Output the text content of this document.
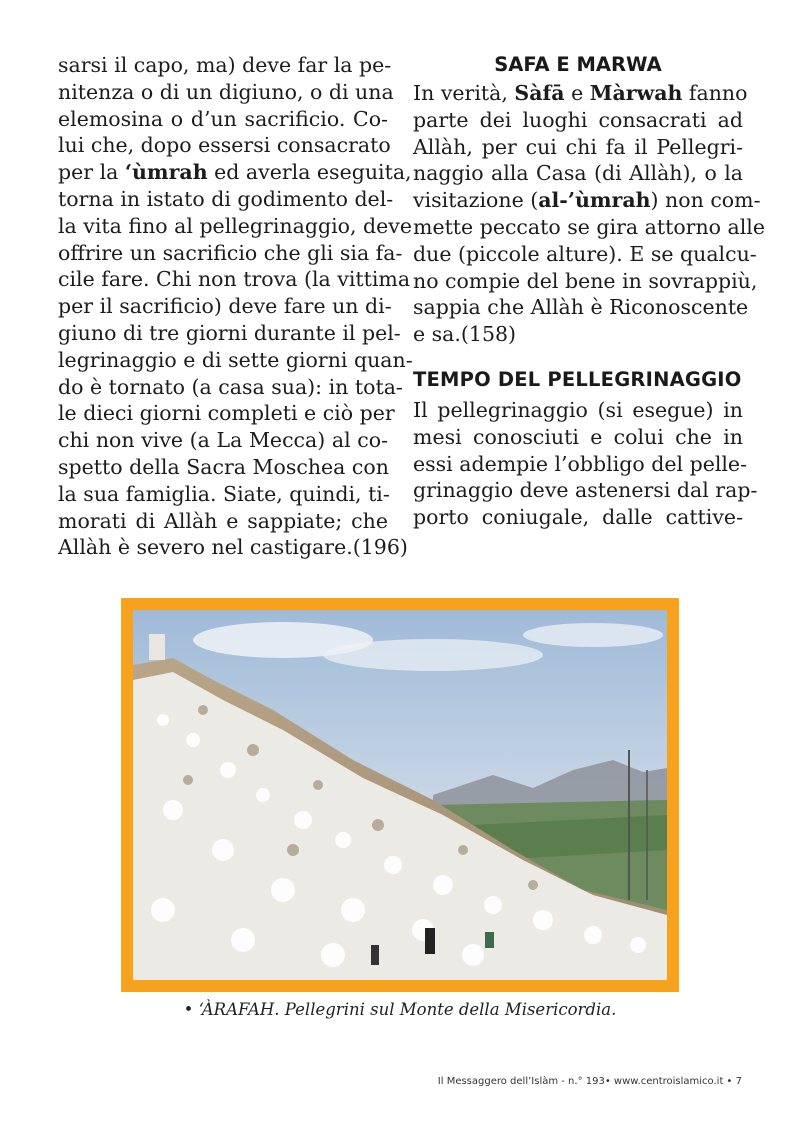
sarsi il capo, ma) deve far la pe-
nitenza o di un digiuno, o di una
elemosina o d’un sacrificio. Co-
lui che, dopo essersi consacrato
per la ‘ùmrah ed averla eseguita,
torna in istato di godimento del-
la vita fino al pellegrinaggio, deve
offrire un sacrificio che gli sia fa-
cile fare. Chi non trova (la vittima
per il sacrificio) deve fare un di-
giuno di tre giorni durante il pel-
legrinaggio e di sette giorni quan-
do è tornato (a casa sua): in tota-
le dieci giorni completi e ciò per
chi non vive (a La Mecca) al co-
spetto della Sacra Moschea con
la sua famiglia. Siate, quindi, ti-
morati di Allàh e sappiate; che
Allàh è severo nel castigare.(196)
SAFA E MARWA
In verità, Sàfā e Màrwah fanno
parte dei luoghi consacrati ad
Allàh, per cui chi fa il Pellegri-
naggio alla Casa (di Allàh), o la
visitazione (al-’ùmrah) non com-
mette peccato se gira attorno alle
due (piccole alture). E se qualcu-
no compie del bene in sovrappiù,
sappia che Allàh è Riconoscente
e sa.(158)
TEMPO DEL PELLEGRINAGGIO
Il pellegrinaggio (si esegue) in
mesi conosciuti e colui che in
essi adempie l’obbligo del pelle-
grinaggio deve astenersi dal rap-
porto coniugale, dalle cattive-
• ‘ÀRAFAH. Pellegrini sul Monte della Misericordia.
Il Messaggero dell’Islàm - n.° 193• www.centroislamico.it • 7
